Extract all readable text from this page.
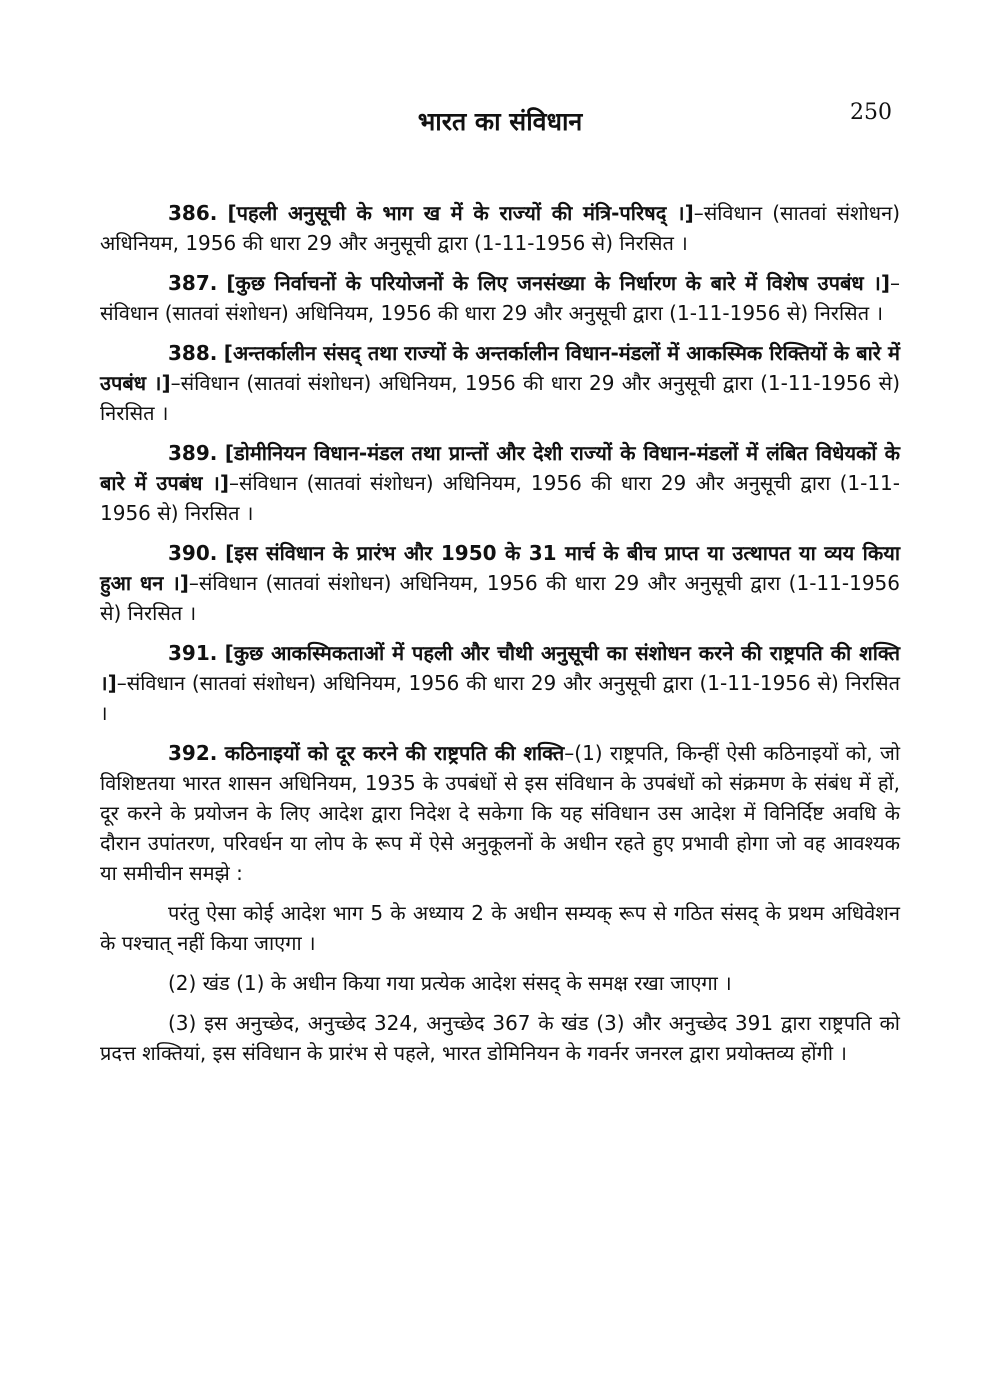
भारत का संविधान	250

386. [पहली अनुसूची के भाग ख में के राज्यों की मंत्रि-परिषद् ।]–संविधान (सातवां संशोधन) अधिनियम, 1956 की धारा 29 और अनुसूची द्वारा (1-11-1956 से) निरसित ।

387. [कुछ निर्वाचनों के परियोजनों के लिए जनसंख्या के निर्धारण के बारे में विशेष उपबंध ।]–संविधान (सातवां संशोधन) अधिनियम, 1956 की धारा 29 और अनुसूची द्वारा (1-11-1956 से) निरसित ।

388. [अन्तर्कालीन संसद् तथा राज्यों के अन्तर्कालीन विधान-मंडलों में आकस्मिक रिक्तियों के बारे में उपबंध ।]–संविधान (सातवां संशोधन) अधिनियम, 1956 की धारा 29 और अनुसूची द्वारा (1-11-1956 से) निरसित ।

389. [डोमीनियन विधान-मंडल तथा प्रान्तों और देशी राज्यों के विधान-मंडलों में लंबित विधेयकों के बारे में उपबंध ।]–संविधान (सातवां संशोधन) अधिनियम, 1956 की धारा 29 और अनुसूची द्वारा (1-11-1956 से) निरसित ।

390. [इस संविधान के प्रारंभ और 1950 के 31 मार्च के बीच प्राप्त या उत्थापत या व्यय किया हुआ धन ।]–संविधान (सातवां संशोधन) अधिनियम, 1956 की धारा 29 और अनुसूची द्वारा (1-11-1956 से) निरसित ।

391. [कुछ आकस्मिकताओं में पहली और चौथी अनुसूची का संशोधन करने की राष्ट्रपति की शक्ति ।]–संविधान (सातवां संशोधन) अधिनियम, 1956 की धारा 29 और अनुसूची द्वारा (1-11-1956 से) निरसित ।

392. कठिनाइयों को दूर करने की राष्ट्रपति की शक्ति–(1) राष्ट्रपति, किन्हीं ऐसी कठिनाइयों को, जो विशिष्टतया भारत शासन अधिनियम, 1935 के उपबंधों से इस संविधान के उपबंधों को संक्रमण के संबंध में हों, दूर करने के प्रयोजन के लिए आदेश द्वारा निदेश दे सकेगा कि यह संविधान उस आदेश में विनिर्दिष्ट अवधि के दौरान उपांतरण, परिवर्धन या लोप के रूप में ऐसे अनुकूलनों के अधीन रहते हुए प्रभावी होगा जो वह आवश्यक या समीचीन समझे :

परंतु ऐसा कोई आदेश भाग 5 के अध्याय 2 के अधीन सम्यक् रूप से गठित संसद् के प्रथम अधिवेशन के पश्चात् नहीं किया जाएगा ।

(2) खंड (1) के अधीन किया गया प्रत्येक आदेश संसद् के समक्ष रखा जाएगा ।

(3) इस अनुच्छेद, अनुच्छेद 324, अनुच्छेद 367 के खंड (3) और अनुच्छेद 391 द्वारा राष्ट्रपति को प्रदत्त शक्तियां, इस संविधान के प्रारंभ से पहले, भारत डोमिनियन के गवर्नर जनरल द्वारा प्रयोक्तव्य होंगी ।
